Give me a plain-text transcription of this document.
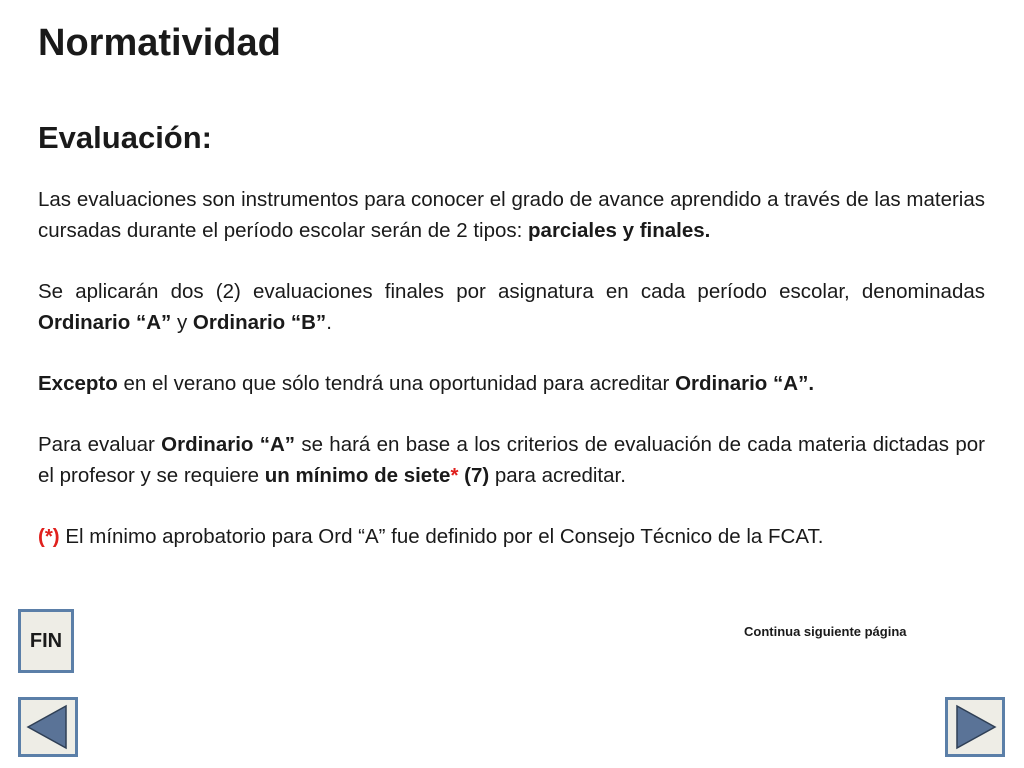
Normatividad
Evaluación:

Las evaluaciones son instrumentos para conocer el grado de avance aprendido a través de las materias cursadas durante el período escolar serán de 2 tipos: parciales y finales.

Se aplicarán dos (2) evaluaciones finales por asignatura en cada período escolar, denominadas Ordinario “A” y Ordinario “B”.

Excepto en el verano que sólo tendrá una oportunidad para acreditar Ordinario “A”.

Para evaluar Ordinario “A” se hará en base a los criterios de evaluación de cada materia dictadas por el profesor y se requiere un mínimo de siete* (7) para acreditar.

(*) El mínimo aprobatorio para Ord “A” fue definido por el Consejo Técnico de la FCAT.

FIN	Continua siguiente página
